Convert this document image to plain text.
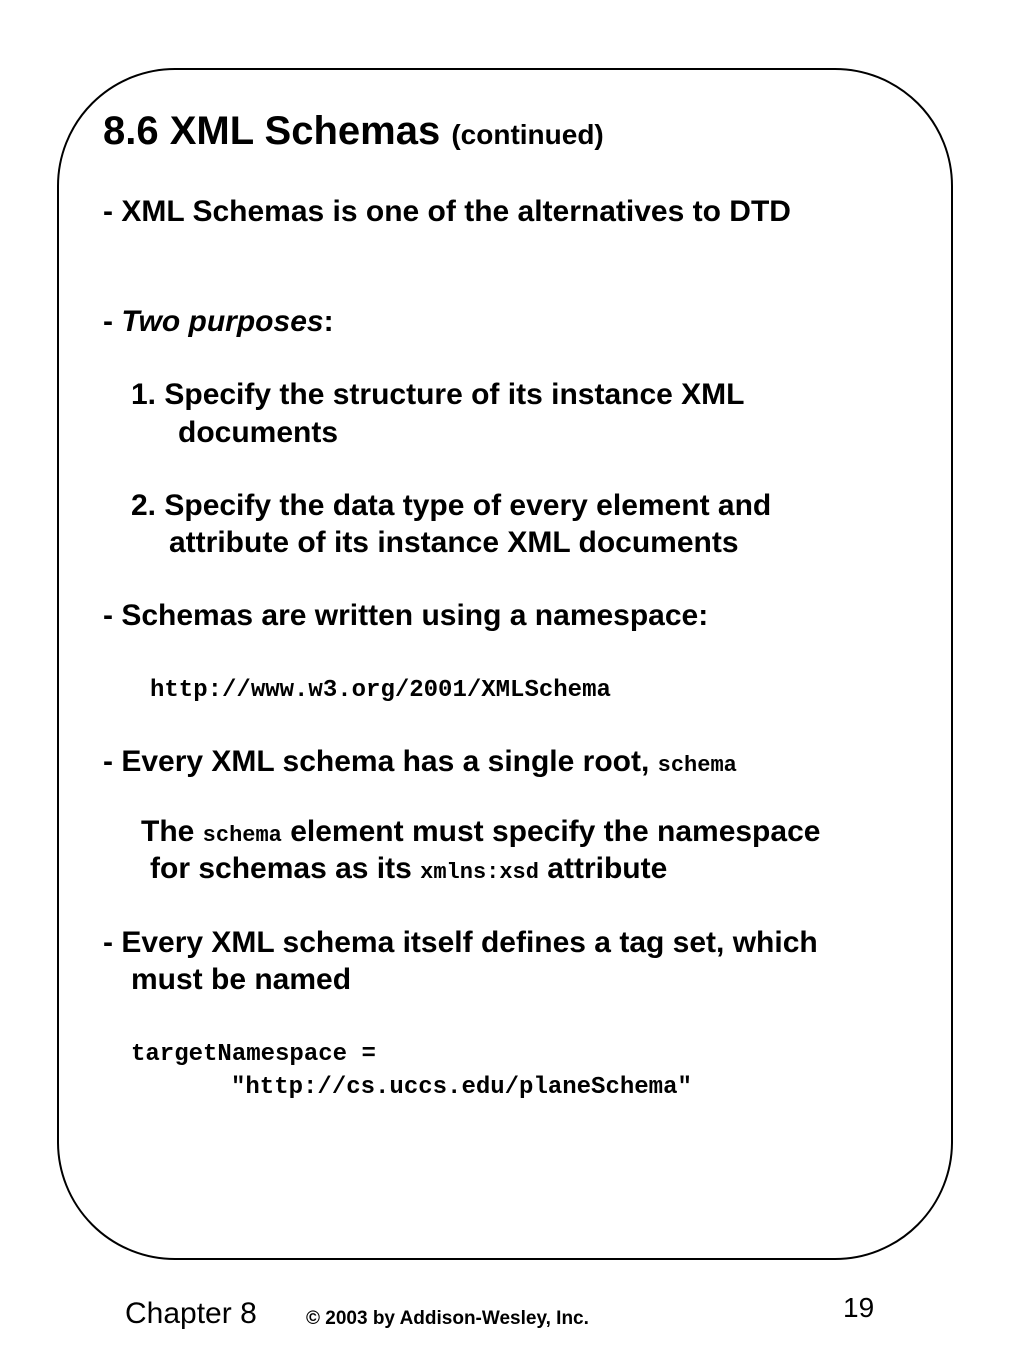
8.6 XML Schemas (continued)
- XML Schemas is one of the alternatives to DTD
- Two purposes:
1. Specify the structure of its instance XML
documents
2. Specify the data type of every element and
attribute of its instance XML documents
- Schemas are written using a namespace:
http://www.w3.org/2001/XMLSchema
- Every XML schema has a single root, schema
The schema element must specify the namespace
for schemas as its xmlns:xsd attribute
- Every XML schema itself defines a tag set, which
must be named
targetNamespace =
"http://cs.uccs.edu/planeSchema"
Chapter 8	© 2003 by Addison-Wesley, Inc.	19
